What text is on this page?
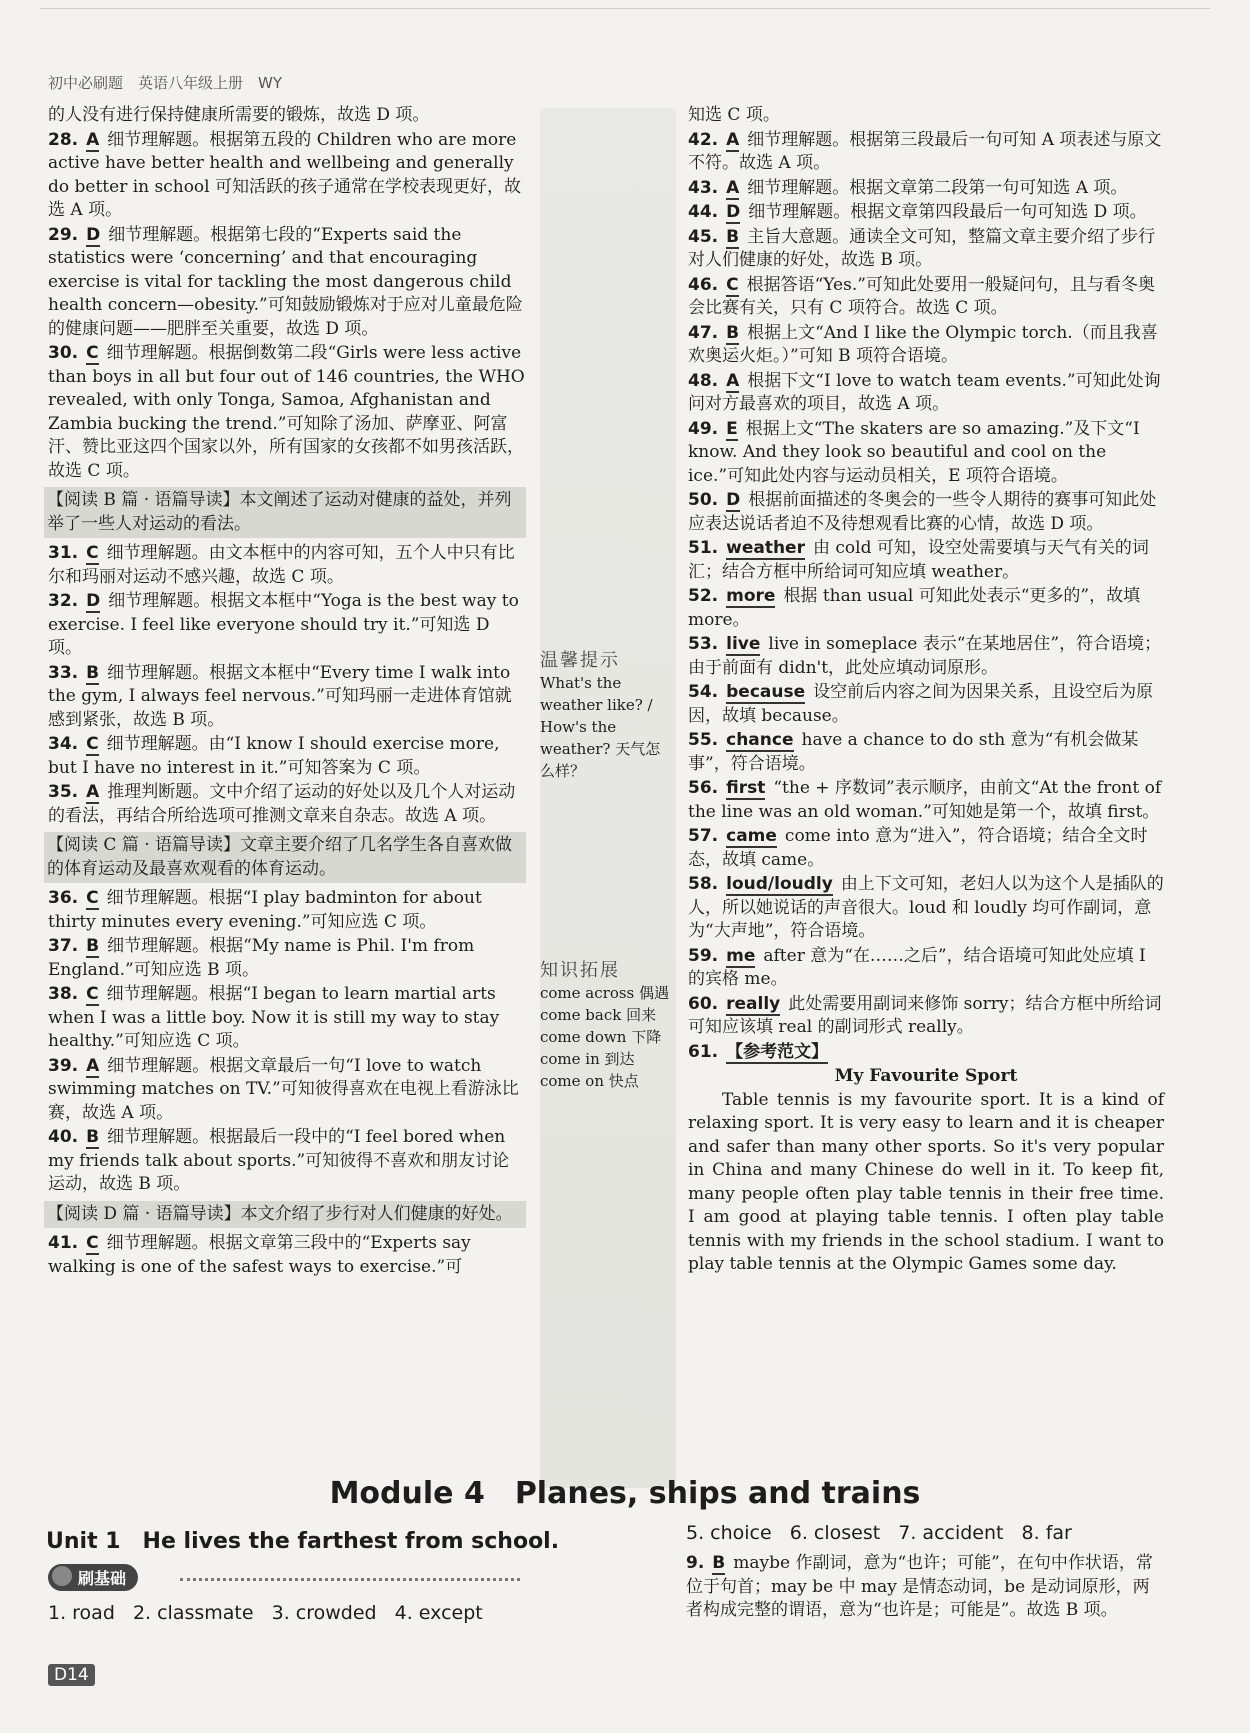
初中必刷题　英语八年级上册　WY
的人没有进行保持健康所需要的锻炼，故选 D 项。
28. A 细节理解题。根据第五段的 Children who are more active have better health and wellbeing and generally do better in school 可知活跃的孩子通常在学校表现更好，故选 A 项。
29. D 细节理解题。根据第七段的“Experts said the statistics were ‘concerning’ and that encouraging exercise is vital for tackling the most dangerous child health concern—obesity.”可知鼓励锻炼对于应对儿童最危险的健康问题——肥胖至关重要，故选 D 项。
30. C 细节理解题。根据倒数第二段“Girls were less active than boys in all but four out of 146 countries, the WHO revealed, with only Tonga, Samoa, Afghanistan and Zambia bucking the trend.”可知除了汤加、萨摩亚、阿富汗、赞比亚这四个国家以外，所有国家的女孩都不如男孩活跃，故选 C 项。
【阅读 B 篇 · 语篇导读】本文阐述了运动对健康的益处，并列举了一些人对运动的看法。
31. C 细节理解题。由文本框中的内容可知，五个人中只有比尔和玛丽对运动不感兴趣，故选 C 项。
32. D 细节理解题。根据文本框中“Yoga is the best way to exercise. I feel like everyone should try it.”可知选 D 项。
33. B 细节理解题。根据文本框中“Every time I walk into the gym, I always feel nervous.”可知玛丽一走进体育馆就感到紧张，故选 B 项。
34. C 细节理解题。由“I know I should exercise more, but I have no interest in it.”可知答案为 C 项。
35. A 推理判断题。文中介绍了运动的好处以及几个人对运动的看法，再结合所给选项可推测文章来自杂志。故选 A 项。
【阅读 C 篇 · 语篇导读】文章主要介绍了几名学生各自喜欢做的体育运动及最喜欢观看的体育运动。
36. C 细节理解题。根据“I play badminton for about thirty minutes every evening.”可知应选 C 项。
37. B 细节理解题。根据“My name is Phil. I'm from England.”可知应选 B 项。
38. C 细节理解题。根据“I began to learn martial arts when I was a little boy. Now it is still my way to stay healthy.”可知应选 C 项。
39. A 细节理解题。根据文章最后一句“I love to watch swimming matches on TV.”可知彼得喜欢在电视上看游泳比赛，故选 A 项。
40. B 细节理解题。根据最后一段中的“I feel bored when my friends talk about sports.”可知彼得不喜欢和朋友讨论运动，故选 B 项。
【阅读 D 篇 · 语篇导读】本文介绍了步行对人们健康的好处。
41. C 细节理解题。根据文章第三段中的“Experts say walking is one of the safest ways to exercise.”可
知选 C 项。
42. A 细节理解题。根据第三段最后一句可知 A 项表述与原文不符。故选 A 项。
43. A 细节理解题。根据文章第二段第一句可知选 A 项。
44. D 细节理解题。根据文章第四段最后一句可知选 D 项。
45. B 主旨大意题。通读全文可知，整篇文章主要介绍了步行对人们健康的好处，故选 B 项。
46. C 根据答语“Yes.”可知此处要用一般疑问句，且与看冬奥会比赛有关，只有 C 项符合。故选 C 项。
47. B 根据上文“And I like the Olympic torch.（而且我喜欢奥运火炬。）”可知 B 项符合语境。
48. A 根据下文“I love to watch team events.”可知此处询问对方最喜欢的项目，故选 A 项。
49. E 根据上文“The skaters are so amazing.”及下文“I know. And they look so beautiful and cool on the ice.”可知此处内容与运动员相关，E 项符合语境。
50. D 根据前面描述的冬奥会的一些令人期待的赛事可知此处应表达说话者迫不及待想观看比赛的心情，故选 D 项。
51. weather 由 cold 可知，设空处需要填与天气有关的词汇；结合方框中所给词可知应填 weather。
52. more 根据 than usual 可知此处表示“更多的”，故填 more。
53. live live in someplace 表示“在某地居住”，符合语境；由于前面有 didn't，此处应填动词原形。
54. because 设空前后内容之间为因果关系，且设空后为原因，故填 because。
55. chance have a chance to do sth 意为“有机会做某事”，符合语境。
56. first “the + 序数词”表示顺序，由前文“At the front of the line was an old woman.”可知她是第一个，故填 first。
57. came come into 意为“进入”，符合语境；结合全文时态，故填 came。
58. loud/loudly 由上下文可知，老妇人以为这个人是插队的人，所以她说话的声音很大。loud 和 loudly 均可作副词，意为“大声地”，符合语境。
59. me after 意为“在……之后”，结合语境可知此处应填 I 的宾格 me。
60. really 此处需要用副词来修饰 sorry；结合方框中所给词可知应该填 real 的副词形式 really。
61. 【参考范文】
My Favourite Sport
Table tennis is my favourite sport. It is a kind of relaxing sport. It is very easy to learn and it is cheaper and safer than many other sports. So it's very popular in China and many Chinese do well in it. To keep fit, many people often play table tennis in their free time. I am good at playing table tennis. I often play table tennis with my friends in the school stadium. I want to play table tennis at the Olympic Games some day.
温馨提示
What's the weather like? / How's the weather? 天气怎么样？
知识拓展
come across 偶遇
come back 回来
come down 下降
come in 到达
come on 快点
Module 4　Planes, ships and trains
Unit 1　He lives the farthest from school.
刷基础
1. road 2. classmate 3. crowded 4. except
5. choice 6. closest 7. accident 8. far
9. B maybe 作副词，意为“也许；可能”，在句中作状语，常位于句首；may be 中 may 是情态动词，be 是动词原形，两者构成完整的谓语，意为“也许是；可能是”。故选 B 项。
D14
